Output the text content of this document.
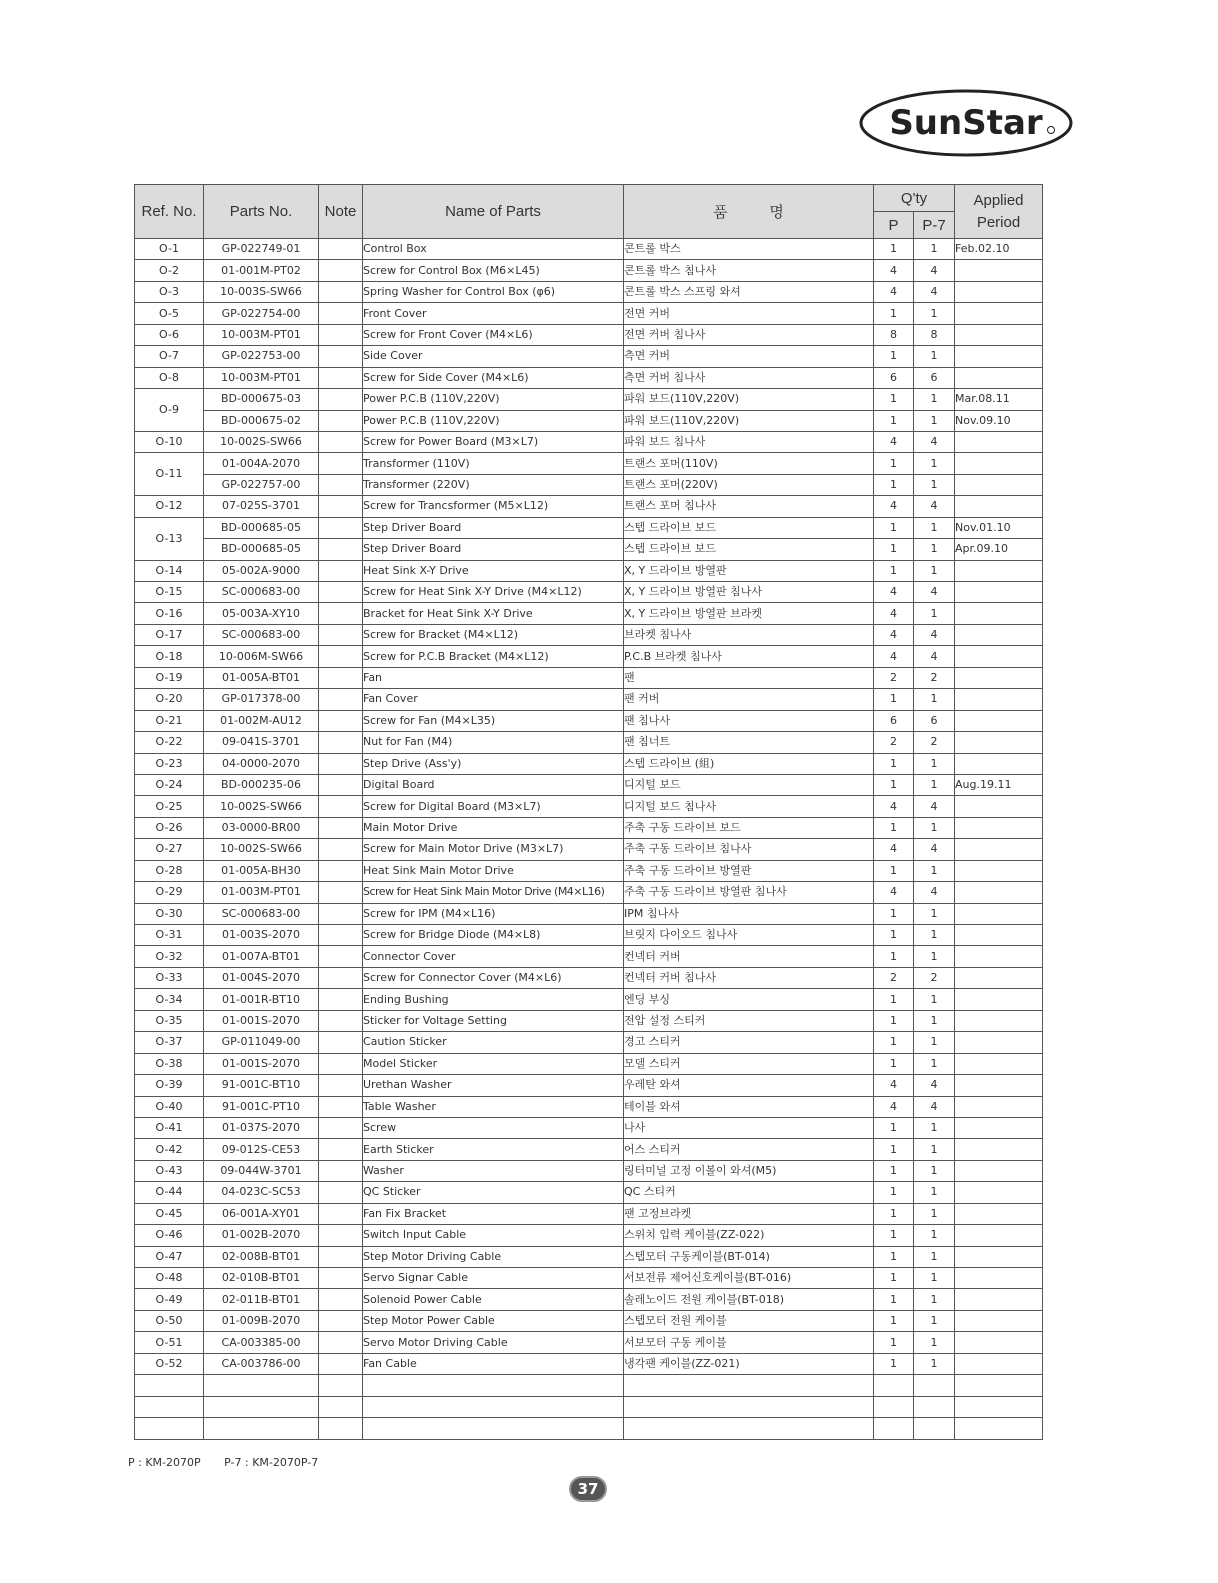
SunStar
Ref. No.	Parts No.	Note	Name of Parts	품          명	Q'ty		Applied Period
					P	P-7	
O-1	GP-022749-01		Control Box	콘트롤 박스	1	1	Feb.02.10
O-2	01-001M-PT02		Screw for Control Box (M6×L45)	콘트롤 박스 침나사	4	4	
O-3	10-003S-SW66		Spring Washer for Control Box (φ6)	콘트롤 박스 스프링 와셔	4	4	
O-5	GP-022754-00		Front Cover	전면 커버	1	1	
O-6	10-003M-PT01		Screw for Front Cover (M4×L6)	전면 커버 침나사	8	8	
O-7	GP-022753-00		Side Cover	측면 커버	1	1	
O-8	10-003M-PT01		Screw for Side Cover (M4×L6)	측면 커버 침나사	6	6	
O-9	BD-000675-03		Power P.C.B (110V,220V)	파워 보드(110V,220V)	1	1	Mar.08.11
	BD-000675-02		Power P.C.B (110V,220V)	파워 보드(110V,220V)	1	1	Nov.09.10
O-10	10-002S-SW66		Screw for Power Board (M3×L7)	파워 보드 침나사	4	4	
O-11	01-004A-2070		Transformer (110V)	트랜스 포머(110V)	1	1	
	GP-022757-00		Transformer (220V)	트랜스 포머(220V)	1	1	
O-12	07-025S-3701		Screw for Trancsformer (M5×L12)	트랜스 포머 침나사	4	4	
O-13	BD-000685-05		Step Driver Board	스텝 드라이브 보드	1	1	Nov.01.10
	BD-000685-05		Step Driver Board	스텝 드라이브 보드	1	1	Apr.09.10
O-14	05-002A-9000		Heat Sink X-Y Drive	X, Y 드라이브 방열판	1	1	
O-15	SC-000683-00		Screw for Heat Sink X-Y Drive (M4×L12)	X, Y 드라이브 방열판 침나사	4	4	
O-16	05-003A-XY10		Bracket for Heat Sink X-Y Drive	X, Y 드라이브 방열판 브라켓	4	1	
O-17	SC-000683-00		Screw for Bracket (M4×L12)	브라켓 침나사	4	4	
O-18	10-006M-SW66		Screw for P.C.B Bracket (M4×L12)	P.C.B 브라켓 침나사	4	4	
O-19	01-005A-BT01		Fan	팬	2	2	
O-20	GP-017378-00		Fan Cover	팬 커버	1	1	
O-21	01-002M-AU12		Screw for Fan (M4×L35)	팬 침나사	6	6	
O-22	09-041S-3701		Nut for Fan (M4)	팬 침너트	2	2	
O-23	04-0000-2070		Step Drive (Ass'y)	스텝 드라이브 (組)	1	1	
O-24	BD-000235-06		Digital Board	디지털 보드	1	1	Aug.19.11
O-25	10-002S-SW66		Screw for Digital Board (M3×L7)	디지털 보드 침나사	4	4	
O-26	03-0000-BR00		Main Motor Drive	주축 구동 드라이브 보드	1	1	
O-27	10-002S-SW66		Screw for Main Motor Drive (M3×L7)	주축 구동 드라이브 침나사	4	4	
O-28	01-005A-BH30		Heat Sink Main Motor Drive	주축 구동 드라이브 방열판	1	1	
O-29	01-003M-PT01		Screw for Heat Sink Main Motor Drive (M4×L16)	주축 구동 드라이브 방열판 침나사	4	4	
O-30	SC-000683-00		Screw for IPM (M4×L16)	IPM 침나사	1	1	
O-31	01-003S-2070		Screw for Bridge Diode (M4×L8)	브릿지 다이오드 침나사	1	1	
O-32	01-007A-BT01		Connector Cover	컨넥터 커버	1	1	
O-33	01-004S-2070		Screw for Connector Cover (M4×L6)	컨넥터 커버 침나사	2	2	
O-34	01-001R-BT10		Ending Bushing	엔딩 부싱	1	1	
O-35	01-001S-2070		Sticker for Voltage Setting	전압 설정 스티커	1	1	
O-37	GP-011049-00		Caution Sticker	경고 스티커	1	1	
O-38	01-001S-2070		Model Sticker	모델 스티커	1	1	
O-39	91-001C-BT10		Urethan Washer	우레탄 와셔	4	4	
O-40	91-001C-PT10		Table Washer	테이블 와셔	4	4	
O-41	01-037S-2070		Screw	나사	1	1	
O-42	09-012S-CE53		Earth Sticker	어스 스티커	1	1	
O-43	09-044W-3701		Washer	링터미널 고정 이볼이 와셔(M5)	1	1	
O-44	04-023C-SC53		QC Sticker	QC 스티커	1	1	
O-45	06-001A-XY01		Fan Fix Bracket	팬 고정브라켓	1	1	
O-46	01-002B-2070		Switch Input Cable	스위치 입력 케이블(ZZ-022)	1	1	
O-47	02-008B-BT01		Step Motor Driving Cable	스텝모터 구동케이블(BT-014)	1	1	
O-48	02-010B-BT01		Servo Signar Cable	서보전류 제어신호케이블(BT-016)	1	1	
O-49	02-011B-BT01		Solenoid Power Cable	솔레노이드 전원 케이블(BT-018)	1	1	
O-50	01-009B-2070		Step Motor Power Cable	스텝모터 전원 케이블	1	1	
O-51	CA-003385-00		Servo Motor Driving Cable	서보모터 구동 케이블	1	1	
O-52	CA-003786-00		Fan Cable	냉각팬 케이블(ZZ-021)	1	1	

P : KM-2070P P-7 : KM-2070P-7
37
